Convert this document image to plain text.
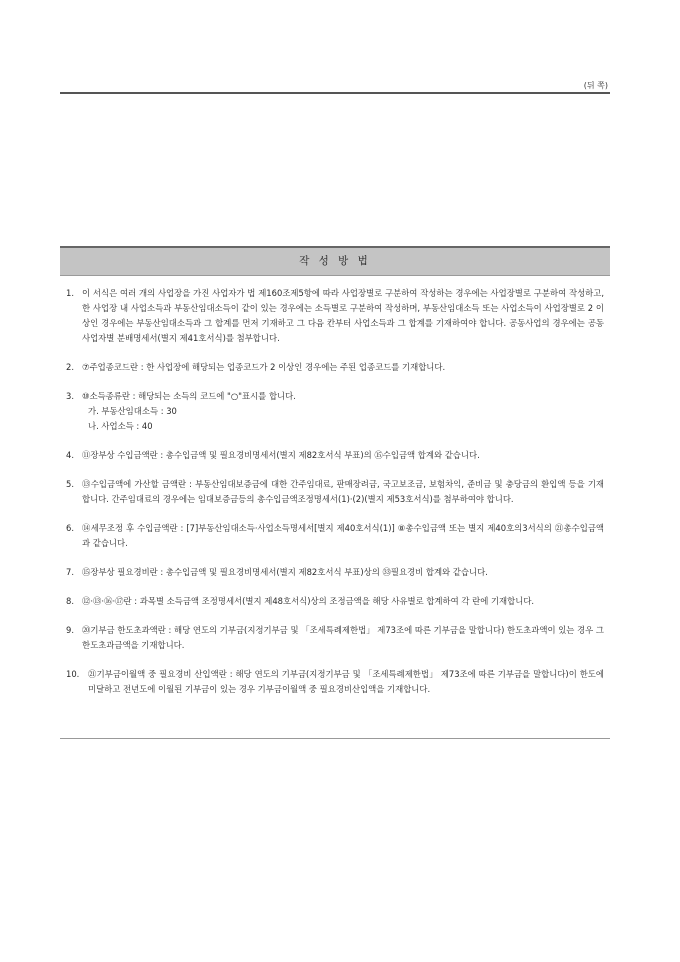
(뒤 쪽)
작 성 방 법
1. 이 서식은 여러 개의 사업장을 가진 사업자가 법 제160조제5항에 따라 사업장별로 구분하여 작성하는 경우에는 사업장별로 구분하여 작성하고, 한 사업장 내 사업소득과 부동산임대소득이 같이 있는 경우에는 소득별로 구분하여 작성하며, 부동산임대소득 또는 사업소득이 사업장별로 2 이상인 경우에는 부동산임대소득과 그 합계를 먼저 기재하고 그 다음 칸부터 사업소득과 그 합계를 기재하여야 합니다. 공동사업의 경우에는 공동사업자별 분배명세서(별지 제41호서식)를 첨부합니다.
2. ⑦주업종코드란 : 한 사업장에 해당되는 업종코드가 2 이상인 경우에는 주된 업종코드를 기재합니다.
3. ⑩소득종류란 : 해당되는 소득의 코드에 "○"표시를 합니다.
가. 부동산임대소득 : 30
나. 사업소득 : 40
4. ⑪장부상 수입금액란 : 총수입금액 및 필요경비명세서(별지 제82호서식 부표)의 ⑮수입금액 합계와 같습니다.
5. ⑬수입금액에 가산할 금액란 : 부동산임대보증금에 대한 간주임대료, 판매장려금, 국고보조금, 보험차익, 준비금 및 충당금의 환입액 등을 기재합니다. 간주임대료의 경우에는 임대보증금등의 총수입금액조정명세서(1)·(2)(별지 제53호서식)를 첨부하여야 합니다.
6. ⑭세무조정 후 수입금액란 : [7]부동산임대소득·사업소득명세서[별지 제40호서식(1)] ⑧총수입금액 또는 별지 제40호의3서식의 ㉑총수입금액과 같습니다.
7. ⑮장부상 필요경비란 : 총수입금액 및 필요경비명세서(별지 제82호서식 부표)상의 ㉝필요경비 합계와 같습니다.
8. ⑫·⑬·⑯·⑰란 : 과목별 소득금액 조정명세서(별지 제48호서식)상의 조정금액을 해당 사유별로 합계하여 각 란에 기재합니다.
9. ⑳기부금 한도초과액란 : 해당 연도의 기부금(지정기부금 및 「조세특례제한법」 제73조에 따른 기부금을 말합니다) 한도초과액이 있는 경우 그 한도초과금액을 기재합니다.
10. ㉑기부금이월액 중 필요경비 산입액란 : 해당 연도의 기부금(지정기부금 및 「조세특례제한법」 제73조에 따른 기부금을 말합니다)이 한도에 미달하고 전년도에 이월된 기부금이 있는 경우 기부금이월액 중 필요경비산입액을 기재합니다.
